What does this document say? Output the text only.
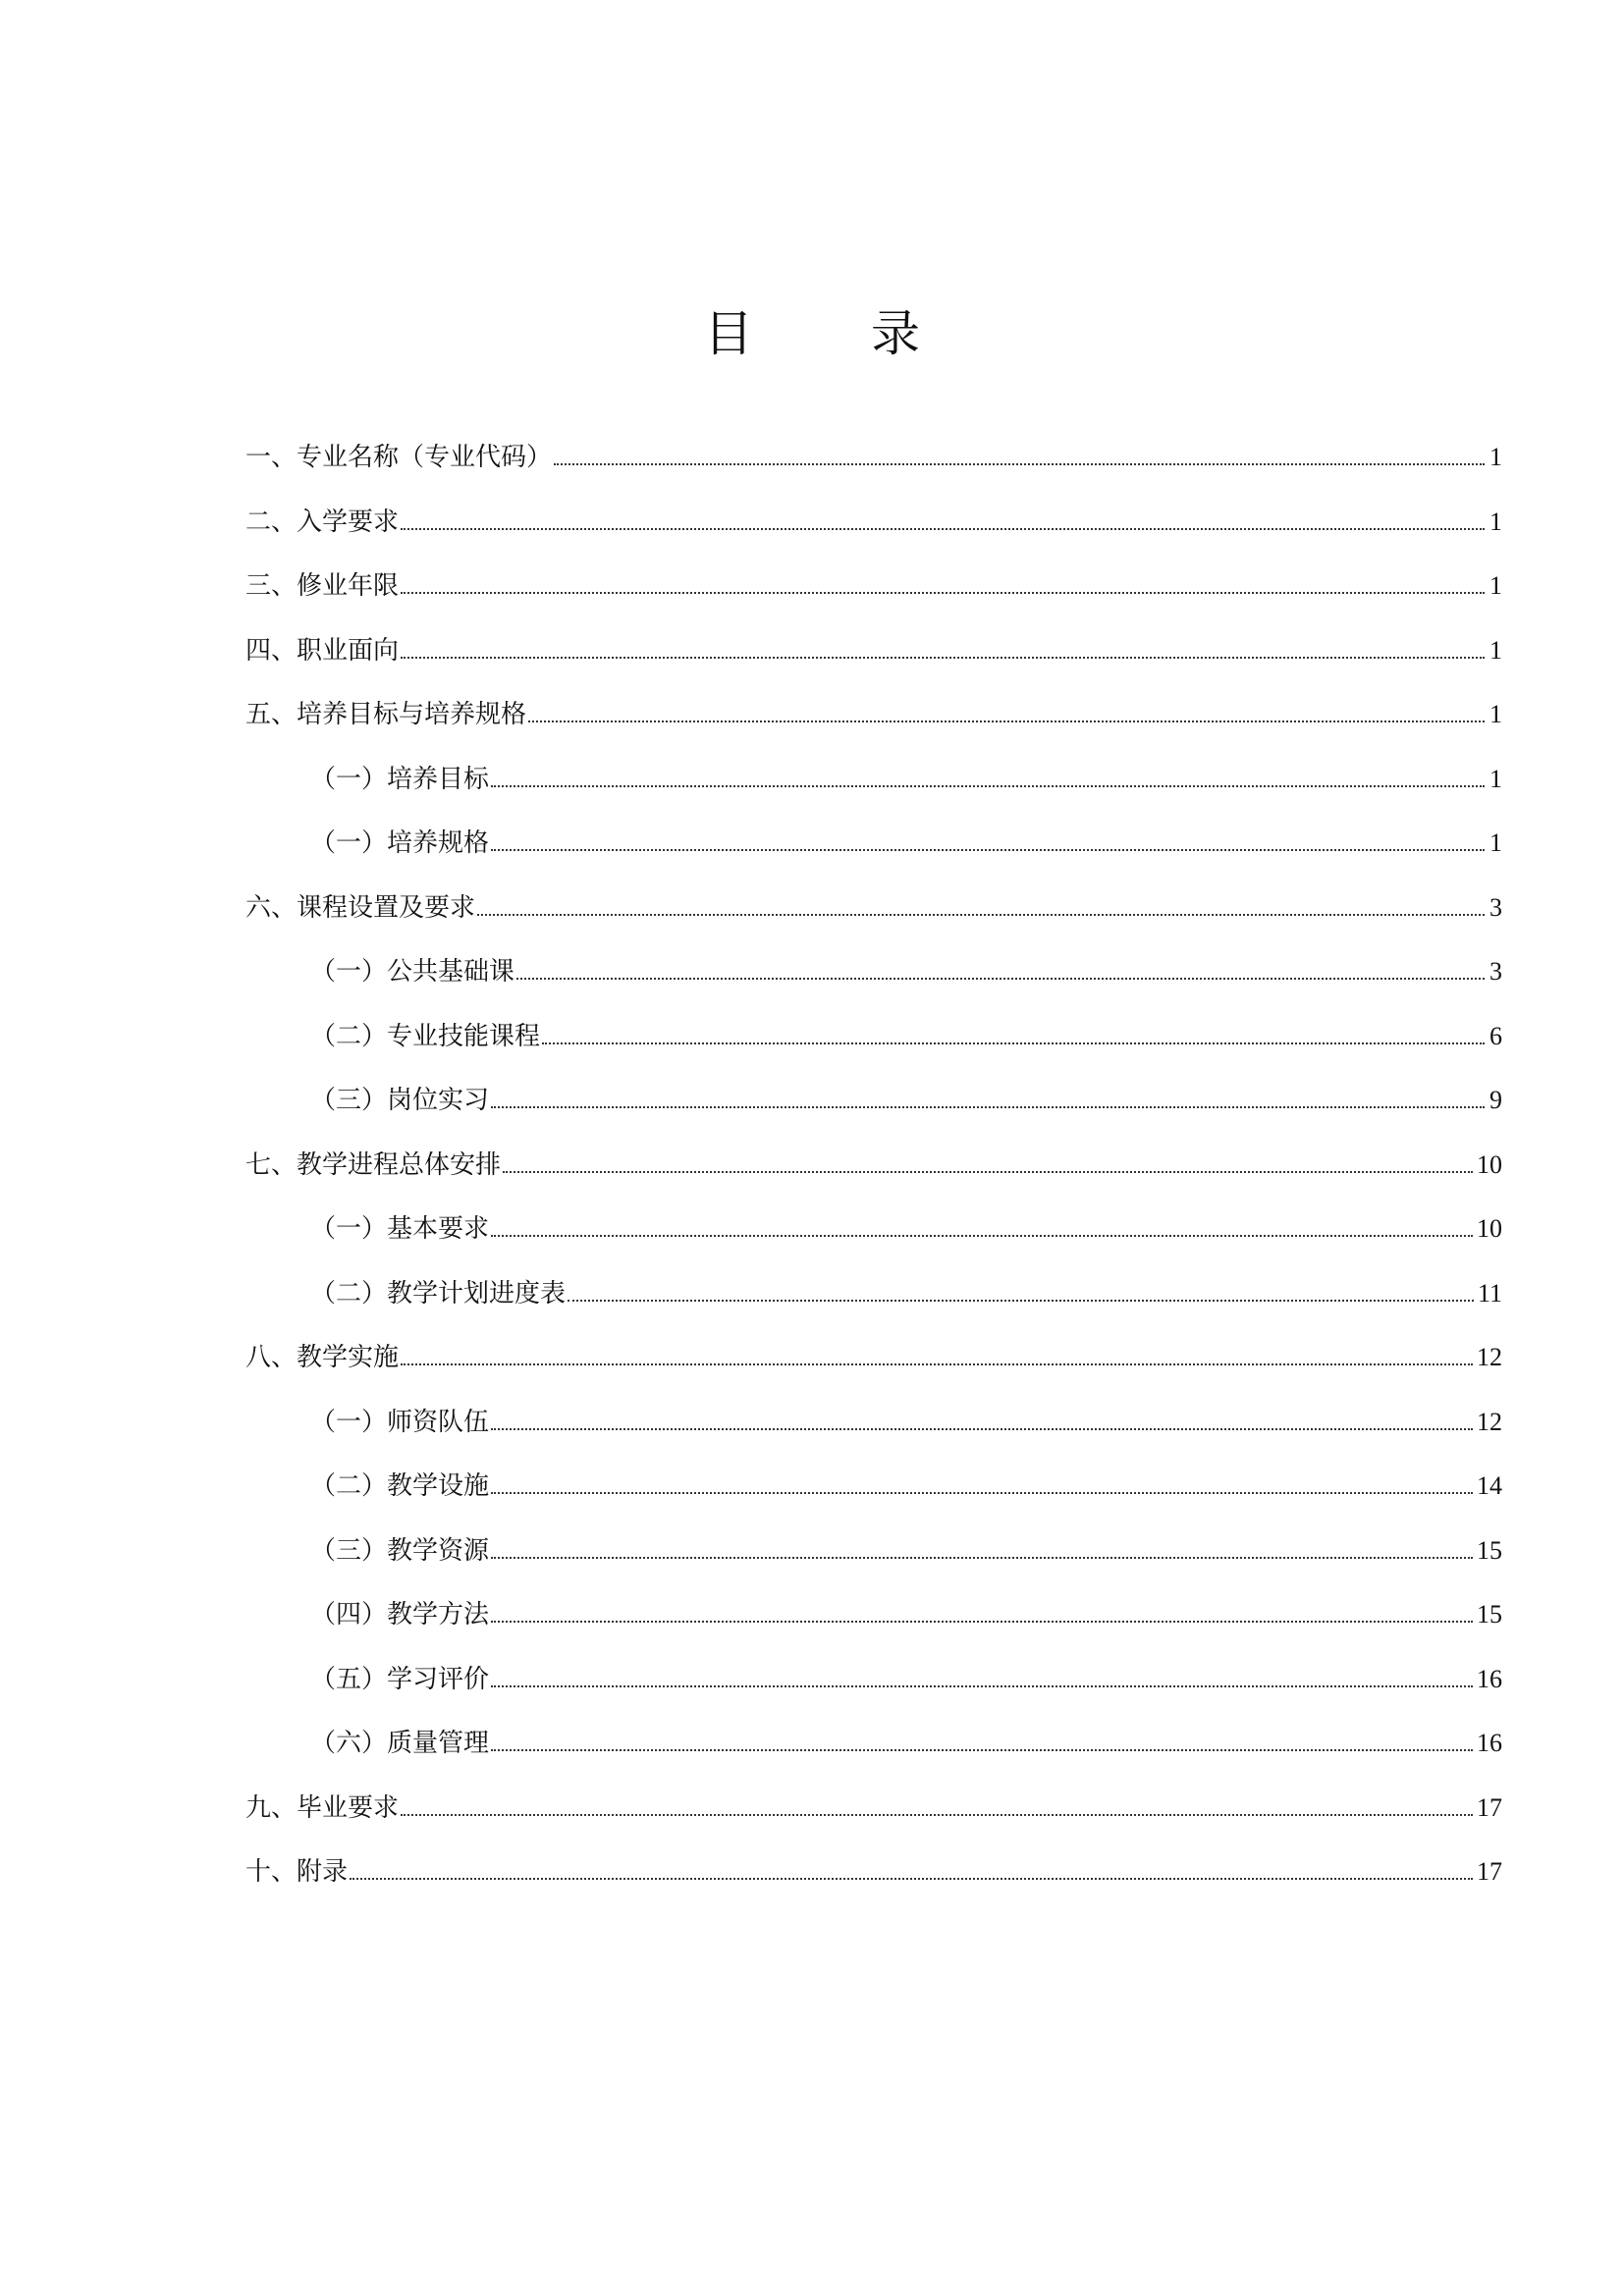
目 录
一、专业名称（专业代码）	1
二、入学要求	1
三、修业年限	1
四、职业面向	1
五、培养目标与培养规格	1
（一）培养目标	1
（一）培养规格	1
六、课程设置及要求	3
（一）公共基础课	3
（二）专业技能课程	6
（三）岗位实习	9
七、教学进程总体安排	10
（一）基本要求	10
（二）教学计划进度表	11
八、教学实施	12
（一）师资队伍	12
（二）教学设施	14
（三）教学资源	15
（四）教学方法	15
（五）学习评价	16
（六）质量管理	16
九、毕业要求	17
十、附录	17
